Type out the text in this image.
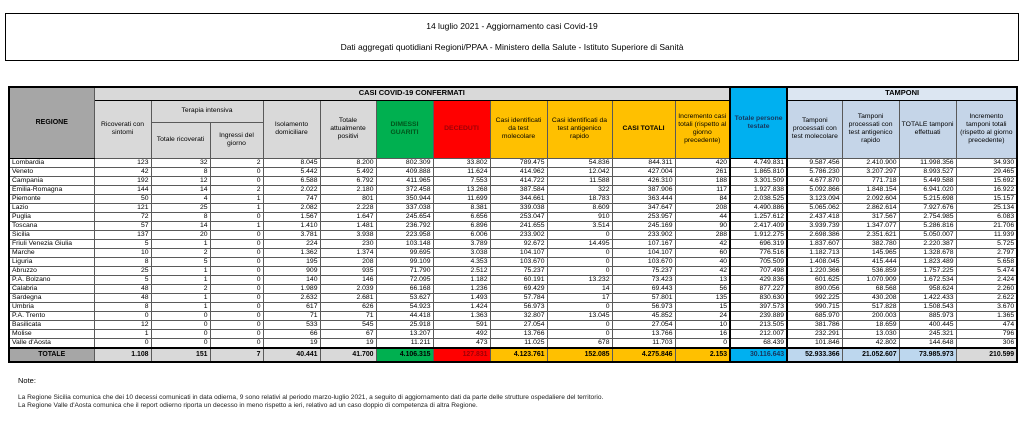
14 luglio 2021 - Aggiornamento casi Covid-19
Dati aggregati quotidiani Regioni/PPAA - Ministero della Salute - Istituto Superiore di Sanità
REGIONE	CASI COVID-19 CONFERMATI											Totale persone testate	TAMPONI			
	Ricoverati con sintomi	Terapia intensiva		Isolamento domiciliare	Totale attualmente positivi	DIMESSI GUARITI	DECEDUTI	Casi identificati da test molecolare	Casi identificati da test antigenico rapido	CASI TOTALI	Incremento casi totali (rispetto al giorno precedente)		Tamponi processati con test molecolare	Tamponi processati con test antigenico rapido	TOTALE tamponi effettuati	Incremento tamponi totali (rispetto al giorno precedente)
		Totale ricoverati	Ingressi del giorno													
Lombardia	123	32	2	8.045	8.200	802.309	33.802	789.475	54.836	844.311	420	4.749.831	9.587.456	2.410.900	11.998.356	34.930
Veneto	42	8	0	5.442	5.492	409.888	11.624	414.962	12.042	427.004	261	1.865.810	5.786.230	3.207.297	8.993.527	29.465
Campania	192	12	0	6.588	6.792	411.965	7.553	414.722	11.588	426.310	188	3.301.509	4.677.870	771.718	5.449.588	15.692
Emilia-Romagna	144	14	2	2.022	2.180	372.458	13.268	387.584	322	387.906	117	1.927.838	5.092.866	1.848.154	6.941.020	16.922
Piemonte	50	4	1	747	801	350.944	11.699	344.661	18.783	363.444	84	2.038.525	3.123.094	2.092.604	5.215.698	15.157
Lazio	121	25	1	2.082	2.228	337.038	8.381	339.038	8.609	347.647	208	4.490.886	5.065.062	2.862.614	7.927.676	25.134
Puglia	72	8	0	1.567	1.647	245.654	6.656	253.047	910	253.957	44	1.257.612	2.437.418	317.567	2.754.985	6.083
Toscana	57	14	1	1.410	1.481	236.792	6.896	241.655	3.514	245.169	90	2.417.409	3.939.739	1.347.077	5.286.816	21.706
Sicilia	137	20	0	3.781	3.938	223.958	6.006	233.902	0	233.902	288	1.912.275	2.698.386	2.351.621	5.050.007	11.939
Friuli Venezia Giulia	5	1	0	224	230	103.148	3.789	92.672	14.495	107.167	42	696.319	1.837.607	382.780	2.220.387	5.725
Marche	10	2	0	1.362	1.374	99.695	3.038	104.107	0	104.107	60	776.516	1.182.713	145.965	1.328.678	2.797
Liguria	8	5	0	195	208	99.109	4.353	103.670	0	103.670	40	705.509	1.408.045	415.444	1.823.489	5.658
Abruzzo	25	1	0	909	935	71.790	2.512	75.237	0	75.237	42	707.498	1.220.366	536.859	1.757.225	5.474
P.A. Bolzano	5	1	0	140	146	72.095	1.182	60.191	13.232	73.423	13	429.836	601.625	1.070.909	1.672.534	2.424
Calabria	48	2	0	1.989	2.039	66.168	1.236	69.429	14	69.443	56	877.227	890.056	68.568	958.624	2.260
Sardegna	48	1	0	2.632	2.681	53.627	1.493	57.784	17	57.801	135	830.630	992.225	430.208	1.422.433	2.622
Umbria	8	1	0	617	626	54.923	1.424	56.973	0	56.973	15	397.573	990.715	517.828	1.508.543	3.670
P.A. Trento	0	0	0	71	71	44.418	1.363	32.807	13.045	45.852	24	239.889	685.970	200.003	885.973	1.365
Basilicata	12	0	0	533	545	25.918	591	27.054	0	27.054	10	213.505	381.786	18.659	400.445	474
Molise	1	0	0	66	67	13.207	492	13.766	0	13.766	16	212.007	232.291	13.030	245.321	796
Valle d'Aosta	0	0	0	19	19	11.211	473	11.025	678	11.703	0	68.439	101.846	42.802	144.648	306
TOTALE	1.108	151	7	40.441	41.700	4.106.315	127.831	4.123.761	152.085	4.275.846	2.153	30.116.643	52.933.366	21.052.607	73.985.973	210.599
Note:
La Regione Sicilia comunica che dei 10 decessi comunicati in data odierna, 9 sono relativi al periodo marzo-luglio 2021, a seguito di aggiornamento dati da parte delle strutture ospedaliere del territorio.
La Regione Valle d'Aosta comunica che il report odierno riporta un decesso in meno rispetto a ieri, relativo ad un caso doppio di competenza di altra Regione.
